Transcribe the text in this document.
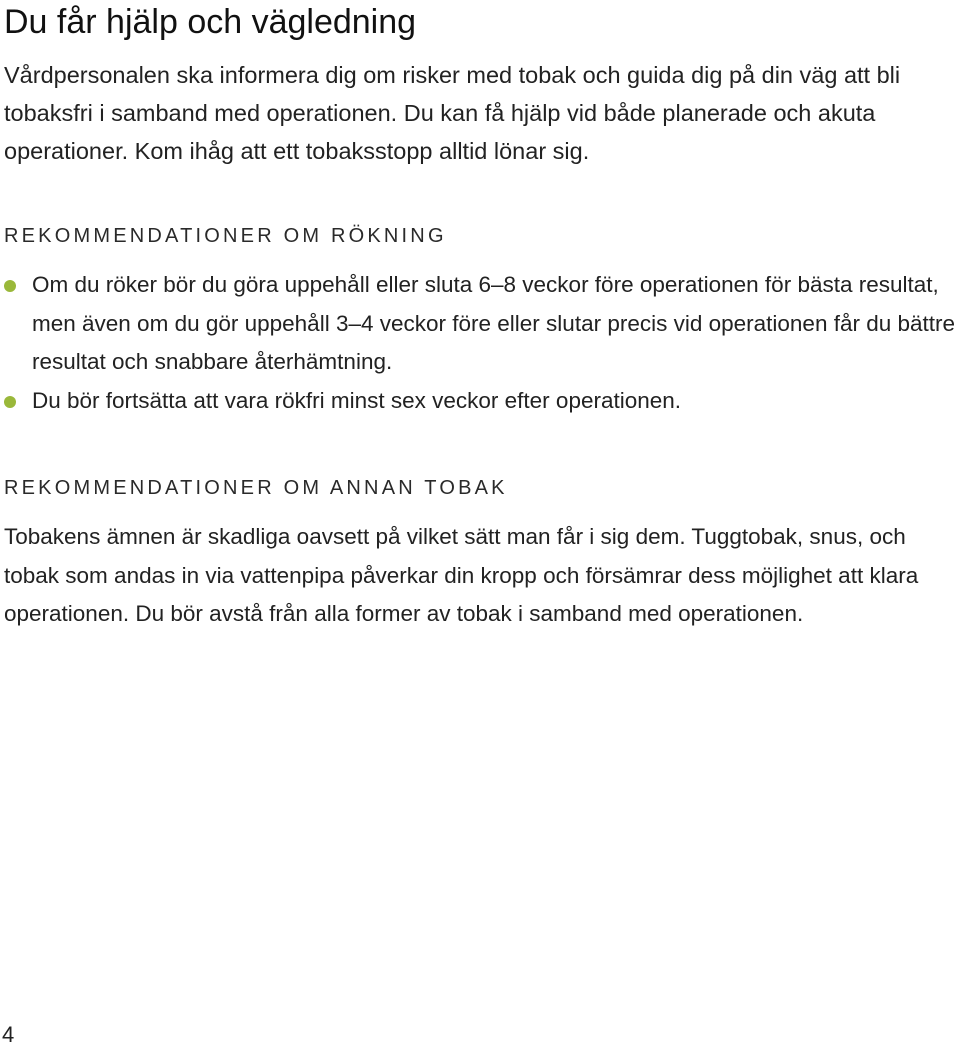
Du får hjälp och vägledning

Vårdpersonalen ska informera dig om risker med tobak och guida dig på din väg att bli tobaksfri i samband med operationen. Du kan få hjälp vid både planerade och akuta operationer. Kom ihåg att ett tobaksstopp alltid lönar sig.

REKOMMENDATIONER OM RÖKNING
Om du röker bör du göra uppehåll eller sluta 6–8 veckor före operationen för bästa resultat, men även om du gör uppehåll 3–4 veckor före eller slutar precis vid operationen får du bättre resultat och snabbare återhämtning.
Du bör fortsätta att vara rökfri minst sex veckor efter operationen.
REKOMMENDATIONER OM ANNAN TOBAK

Tobakens ämnen är skadliga oavsett på vilket sätt man får i sig dem. Tuggtobak, snus, och tobak som andas in via vattenpipa påverkar din kropp och försämrar dess möjlighet att klara operationen. Du bör avstå från alla former av tobak i samband med operationen.

4
